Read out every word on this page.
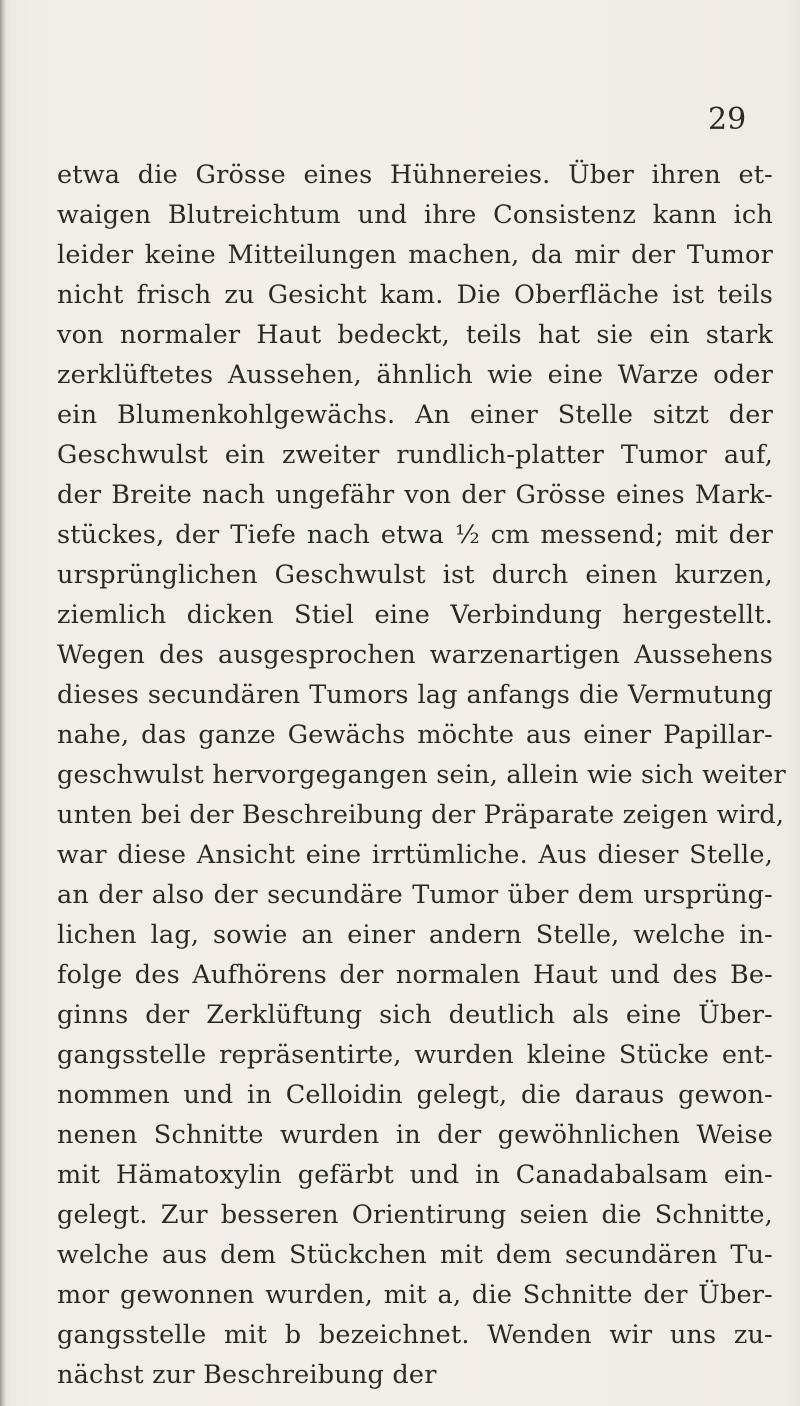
29
etwa die Grösse eines Hühnereies. Über ihren et-
waigen Blutreichtum und ihre Consistenz kann ich
leider keine Mitteilungen machen, da mir der Tumor
nicht frisch zu Gesicht kam. Die Oberfläche ist teils
von normaler Haut bedeckt, teils hat sie ein stark
zerklüftetes Aussehen, ähnlich wie eine Warze oder
ein Blumenkohlgewächs. An einer Stelle sitzt der
Geschwulst ein zweiter rundlich-platter Tumor auf,
der Breite nach ungefähr von der Grösse eines Mark-
stückes, der Tiefe nach etwa ½ cm messend; mit der
ursprünglichen Geschwulst ist durch einen kurzen,
ziemlich dicken Stiel eine Verbindung hergestellt.
Wegen des ausgesprochen warzenartigen Aussehens
dieses secundären Tumors lag anfangs die Vermutung
nahe, das ganze Gewächs möchte aus einer Papillar-
geschwulst hervorgegangen sein, allein wie sich weiter
unten bei der Beschreibung der Präparate zeigen wird,
war diese Ansicht eine irrtümliche. Aus dieser Stelle,
an der also der secundäre Tumor über dem ursprüng-
lichen lag, sowie an einer andern Stelle, welche in-
folge des Aufhörens der normalen Haut und des Be-
ginns der Zerklüftung sich deutlich als eine Über-
gangsstelle repräsentirte, wurden kleine Stücke ent-
nommen und in Celloidin gelegt, die daraus gewon-
nenen Schnitte wurden in der gewöhnlichen Weise
mit Hämatoxylin gefärbt und in Canadabalsam ein-
gelegt. Zur besseren Orientirung seien die Schnitte,
welche aus dem Stückchen mit dem secundären Tu-
mor gewonnen wurden, mit a, die Schnitte der Über-
gangsstelle mit b bezeichnet. Wenden wir uns zu-
nächst zur Beschreibung der
